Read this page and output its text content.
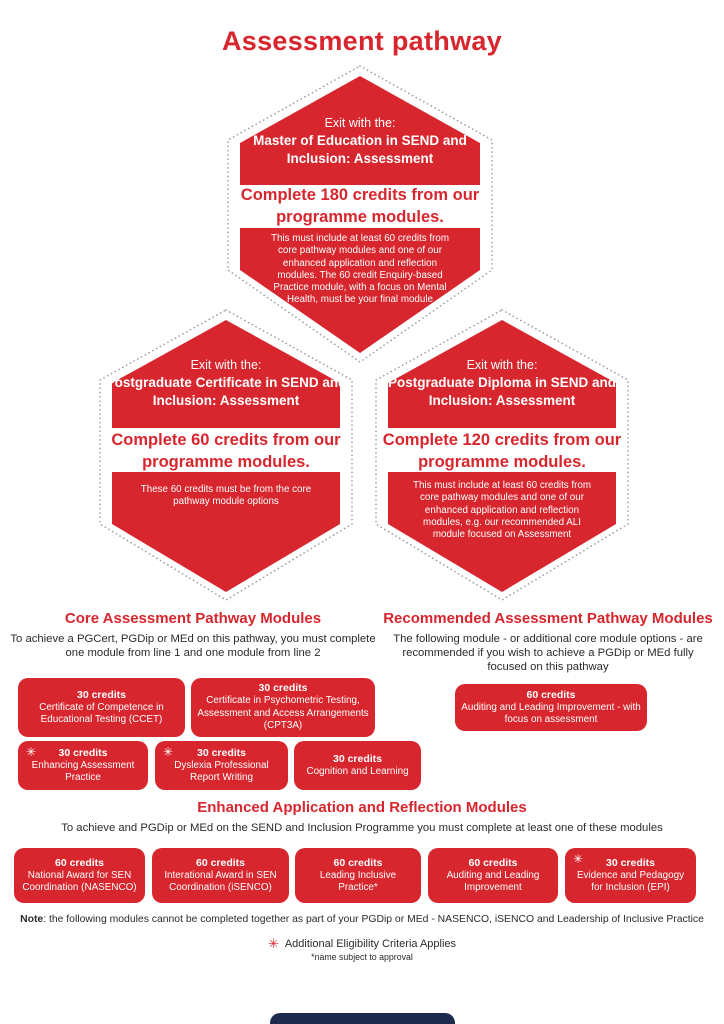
Assessment pathway
Exit with the:
Master of Education in SEND and Inclusion: Assessment
Complete 180 credits from our programme modules.
This must include at least 60 credits from core pathway modules and one of our enhanced application and reflection modules. The 60 credit Enquiry-based Practice module, with a focus on Mental Health, must be your final module
Exit with the:
Postgraduate Certificate in SEND and Inclusion: Assessment
Complete 60 credits from our programme modules.
These 60 credits must be from the core pathway module options
Exit with the:
Postgraduate Diploma in SEND and Inclusion: Assessment
Complete 120 credits from our programme modules.
This must include at least 60 credits from core pathway modules and one of our enhanced application and reflection modules, e.g. our recommended ALI module focused on Assessment
Core Assessment Pathway Modules
To achieve a PGCert, PGDip or MEd on this pathway, you must complete one module from line 1 and one module from line 2
Recommended Assessment Pathway Modules
The following module - or additional core module options - are recommended if you wish to achieve a PGDip or MEd fully focused on this pathway
30 credits
Certificate of Competence in Educational Testing (CCET)
30 credits
Certificate in Psychometric Testing, Assessment and Access Arrangements (CPT3A)
✳ 30 credits
Enhancing Assessment Practice
✳ 30 credits
Dyslexia Professional Report Writing
30 credits
Cognition and Learning
60 credits
Auditing and Leading Improvement - with focus on assessment
Enhanced Application and Reflection Modules
To achieve and PGDip or MEd on the SEND and Inclusion Programme you must complete at least one of these modules
60 credits
National Award for SEN Coordination (NASENCO)
60 credits
Interational Award in SEN Coordination (iSENCO)
60 credits
Leading Inclusive Practice*
60 credits
Auditing and Leading Improvement
✳ 30 credits
Evidence and Pedagogy for Inclusion (EPI)
Note: the following modules cannot be completed together as part of your PGDip or MEd - NASENCO, iSENCO and Leadership of Inclusive Practice
✳ Additional Eligibility Criteria Applies
*name subject to approval
